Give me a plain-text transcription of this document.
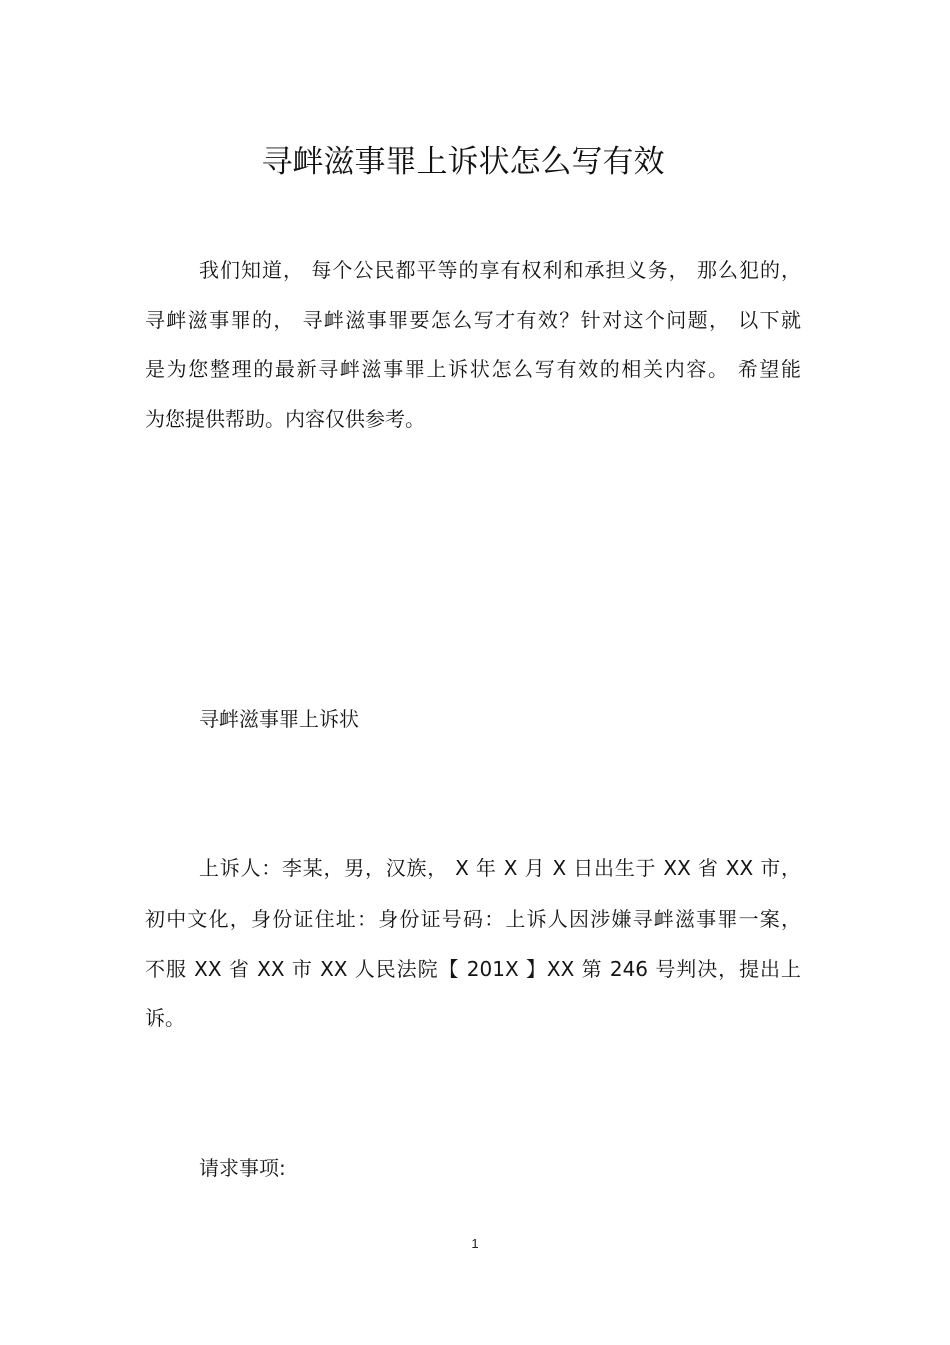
寻衅滋事罪上诉状怎么写有效
我们知道， 每个公民都平等的享有权利和承担义务， 那么犯的，
寻衅滋事罪的， 寻衅滋事罪要怎么写才有效？针对这个问题， 以下就
是为您整理的最新寻衅滋事罪上诉状怎么写有效的相关内容。 希望能
为您提供帮助。内容仅供参考。
寻衅滋事罪上诉状
上诉人：李某，男，汉族， X 年 X 月 X 日出生于 XX 省 XX 市，
初中文化，身份证住址：身份证号码：上诉人因涉嫌寻衅滋事罪一案，
不服 XX 省 XX 市 XX 人民法院【 201X 】XX 第 246 号判决，提出上
诉。
请求事项:
1
